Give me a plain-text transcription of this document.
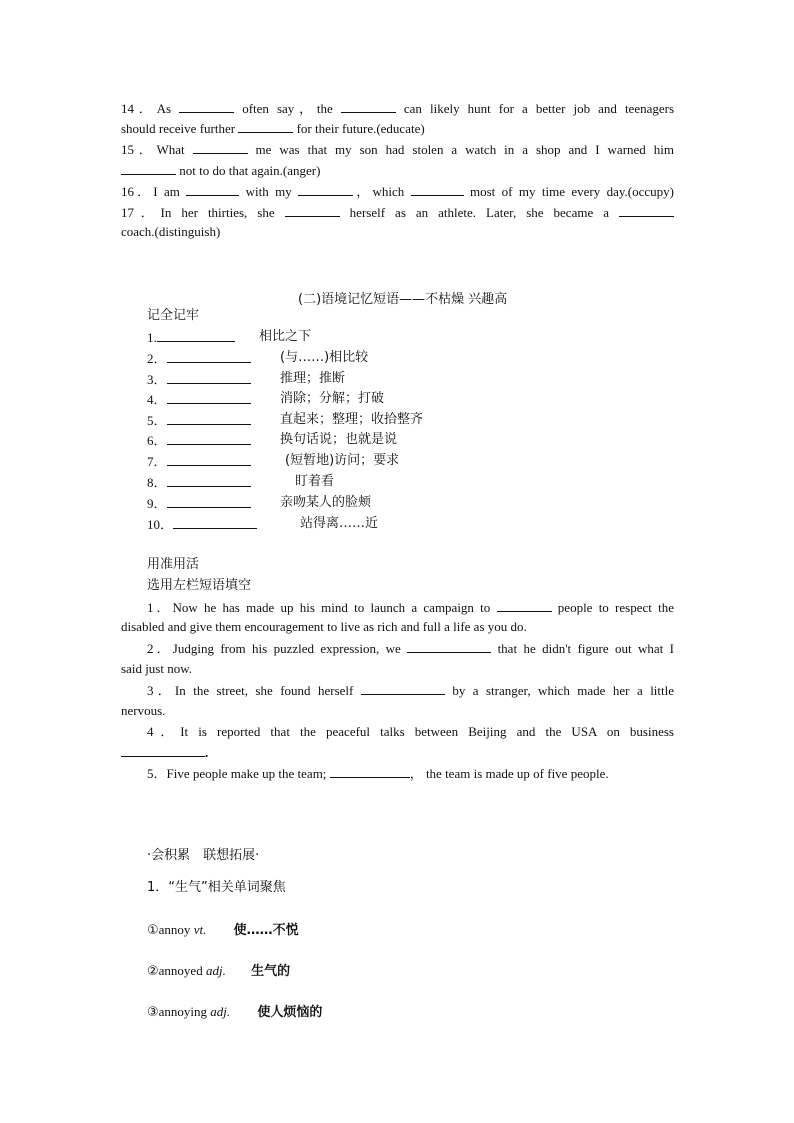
14．As	often say，the	can likely hunt for a better job and teenagers
should receive further	for their future.(educate)
15．What	me was that my son had stolen a watch in a shop and I warned him
not to do that again.(anger)
16．I am	with my	，which	most of my time every day.(occupy)
17．In her thirties, she	herself as an athlete. Later, she became a
coach.(distinguish)
(二)语境记忆短语——不枯燥 兴趣高
记全记牢
1.	相比之下
2．	(与……)相比较
3．	推理；推断
4．	消除；分解；打破
5．	直起来；整理；收拾整齐
6．	换句话说；也就是说
7．	(短暂地)访问；要求
8．	盯着看
9．	亲吻某人的脸颊
10．	站得离……近
用准用活
选用左栏短语填空
1．Now he has made up his mind to launch a campaign to	people to respect the
disabled and give them encouragement to live as rich and full a life as you do.
2．Judging from his puzzled expression, we	that he didn't figure out what I
said just now.
3．In the street, she found herself	by a stranger, which made her a little
nervous.
4．It is reported that the peaceful talks between Beijing and the USA on business
.
5．Five people make up the team;	， the team is made up of five people.
·会积累　联想拓展·
1．“生气”相关单词聚焦
①annoy vt. 使……不悦
②annoyed adj. 生气的
③annoying adj. 使人烦恼的
